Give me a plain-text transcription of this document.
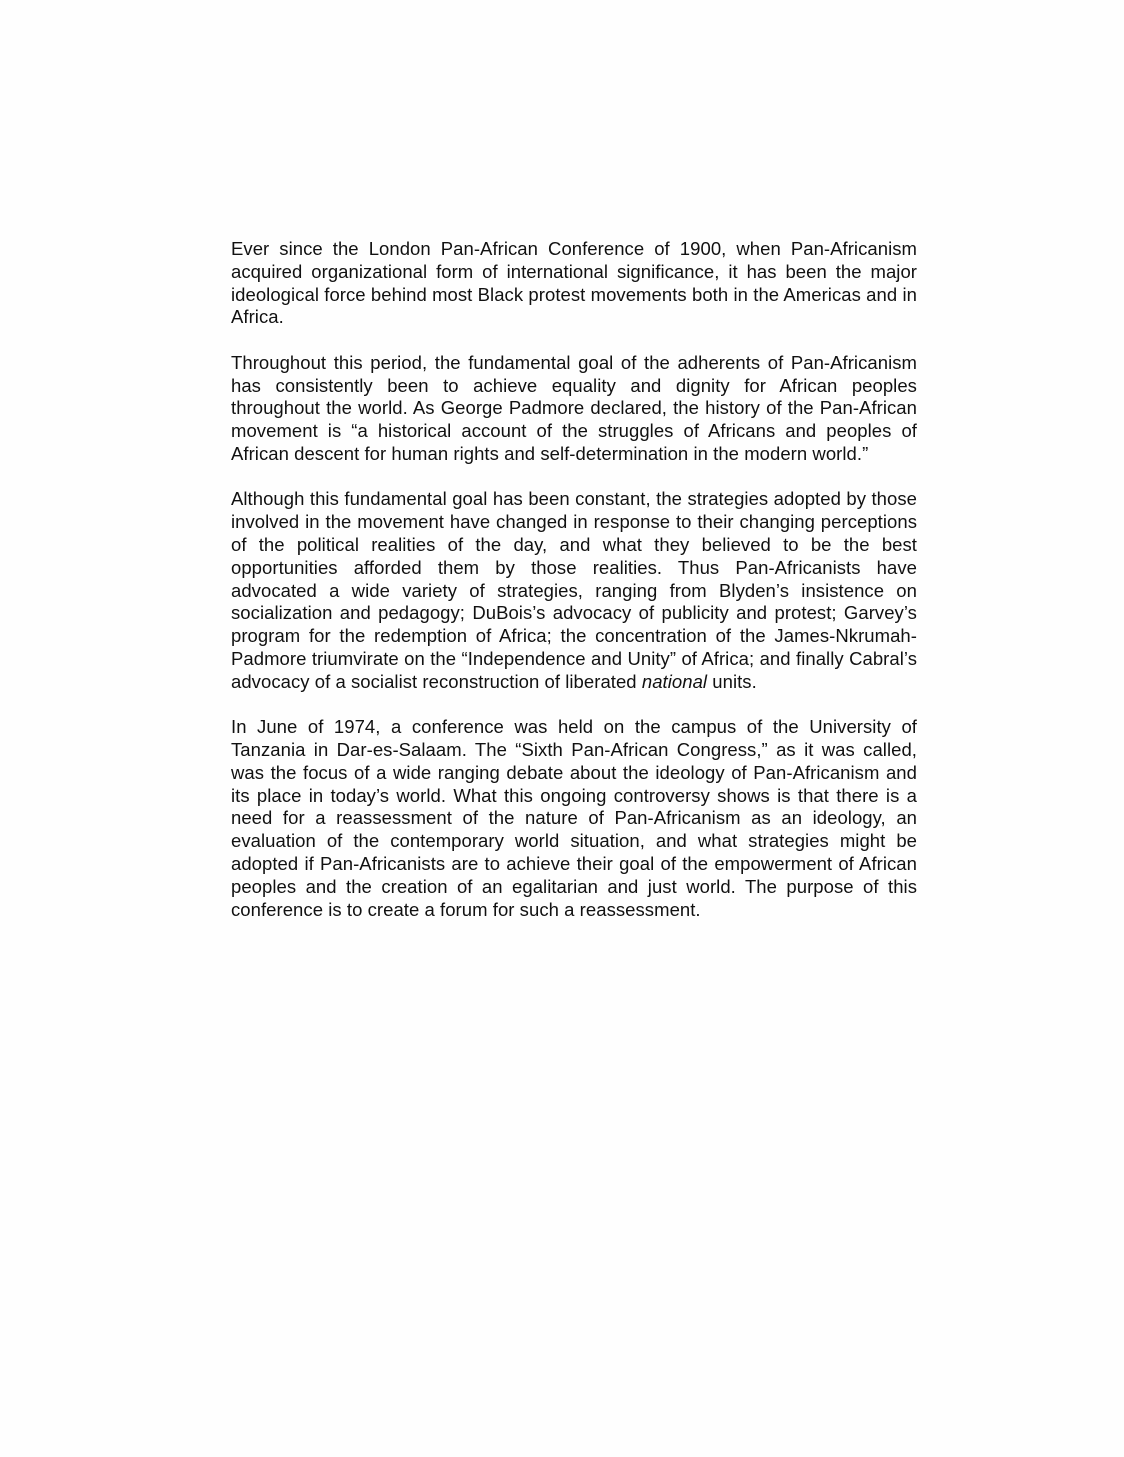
Ever since the London Pan-African Conference of 1900, when Pan-Africanism acquired organizational form of international significance, it has been the major ideological force behind most Black protest movements both in the Americas and in Africa.

Throughout this period, the fundamental goal of the adherents of Pan-Africanism has consistently been to achieve equality and dignity for African peoples throughout the world. As George Padmore declared, the history of the Pan-African movement is “a historical account of the struggles of Africans and peoples of African descent for human rights and self-determination in the modern world.”

Although this fundamental goal has been constant, the strategies adopted by those involved in the movement have changed in response to their changing perceptions of the political realities of the day, and what they believed to be the best opportunities afforded them by those realities. Thus Pan-Africanists have advocated a wide variety of strategies, ranging from Blyden’s insistence on socialization and pedagogy; DuBois’s advocacy of publicity and protest; Garvey’s program for the redemption of Africa; the concentration of the James-Nkrumah-Padmore triumvirate on the “Independence and Unity” of Africa; and finally Cabral’s advocacy of a socialist reconstruction of liberated national units.

In June of 1974, a conference was held on the campus of the University of Tanzania in Dar-es-Salaam. The “Sixth Pan-African Congress,” as it was called, was the focus of a wide ranging debate about the ideology of Pan-Africanism and its place in today’s world. What this ongoing controversy shows is that there is a need for a reassessment of the nature of Pan-Africanism as an ideology, an evaluation of the contemporary world situation, and what strategies might be adopted if Pan-Africanists are to achieve their goal of the empowerment of African peoples and the creation of an egalitarian and just world. The purpose of this conference is to create a forum for such a reassessment.
